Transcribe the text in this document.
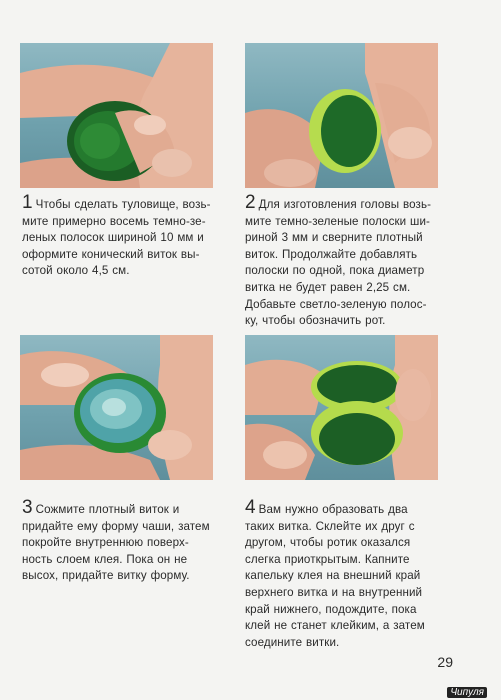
1 Чтобы сделать туловище, возь-
мите примерно восемь темно-зе-
леных полосок шириной 10 мм и
оформите конический виток вы-
сотой около 4,5 см.
2 Для изготовления головы возь-
мите темно-зеленые полоски ши-
риной 3 мм и сверните плотный
виток. Продолжайте добавлять
полоски по одной, пока диаметр
витка не будет равен 2,25 см.
Добавьте светло-зеленую полос-
ку, чтобы обозначить рот.
3 Сожмите плотный виток и
придайте ему форму чаши, затем
покройте внутреннюю поверх-
ность слоем клея. Пока он не
высох, придайте витку форму.
4 Вам нужно образовать два
таких витка. Склейте их друг с
другом, чтобы ротик оказался
слегка приоткрытым. Капните
капельку клея на внешний край
верхнего витка и на внутренний
край нижнего, подождите, пока
клей не станет клейким, а затем
соедините витки.
29
Чипуля
